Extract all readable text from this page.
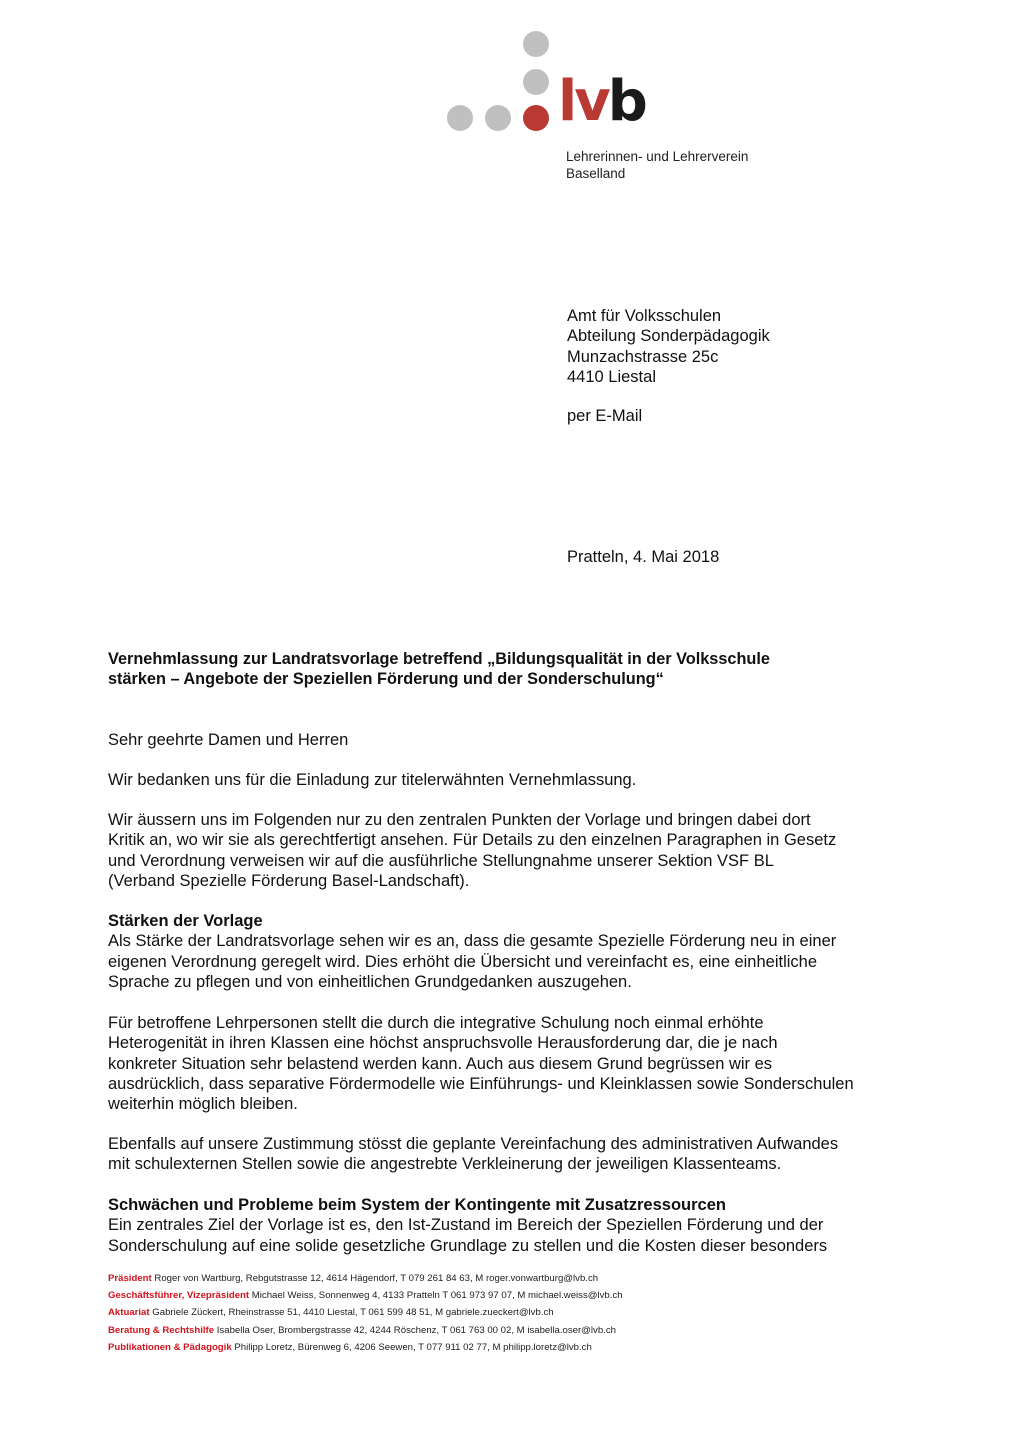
lvb
Lehrerinnen- und Lehrerverein
Baselland
Amt für Volksschulen
Abteilung Sonderpädagogik
Munzachstrasse 25c
4410 Liestal
per E-Mail
Pratteln, 4. Mai 2018
Vernehmlassung zur Landratsvorlage betreffend „Bildungsqualität in der Volksschule
stärken – Angebote der Speziellen Förderung und der Sonderschulung“
Sehr geehrte Damen und Herren
Wir bedanken uns für die Einladung zur titelerwähnten Vernehmlassung.
Wir äussern uns im Folgenden nur zu den zentralen Punkten der Vorlage und bringen dabei dort
Kritik an, wo wir sie als gerechtfertigt ansehen. Für Details zu den einzelnen Paragraphen in Gesetz
und Verordnung verweisen wir auf die ausführliche Stellungnahme unserer Sektion VSF BL
(Verband Spezielle Förderung Basel-Landschaft).
Stärken der Vorlage
Als Stärke der Landratsvorlage sehen wir es an, dass die gesamte Spezielle Förderung neu in einer
eigenen Verordnung geregelt wird. Dies erhöht die Übersicht und vereinfacht es, eine einheitliche
Sprache zu pflegen und von einheitlichen Grundgedanken auszugehen.
Für betroffene Lehrpersonen stellt die durch die integrative Schulung noch einmal erhöhte
Heterogenität in ihren Klassen eine höchst anspruchsvolle Herausforderung dar, die je nach
konkreter Situation sehr belastend werden kann. Auch aus diesem Grund begrüssen wir es
ausdrücklich, dass separative Fördermodelle wie Einführungs- und Kleinklassen sowie Sonderschulen
weiterhin möglich bleiben.
Ebenfalls auf unsere Zustimmung stösst die geplante Vereinfachung des administrativen Aufwandes
mit schulexternen Stellen sowie die angestrebte Verkleinerung der jeweiligen Klassenteams.
Schwächen und Probleme beim System der Kontingente mit Zusatzressourcen
Ein zentrales Ziel der Vorlage ist es, den Ist-Zustand im Bereich der Speziellen Förderung und der
Sonderschulung auf eine solide gesetzliche Grundlage zu stellen und die Kosten dieser besonders
Präsident Roger von Wartburg, Rebgutstrasse 12, 4614 Hägendorf, T 079 261 84 63, M roger.vonwartburg@lvb.ch
Geschäftsführer, Vizepräsident Michael Weiss, Sonnenweg 4, 4133 Pratteln T 061 973 97 07, M michael.weiss@lvb.ch
Aktuariat Gabriele Zückert, Rheinstrasse 51, 4410 Liestal, T 061 599 48 51, M gabriele.zueckert@lvb.ch
Beratung & Rechtshilfe Isabella Oser, Brombergstrasse 42, 4244 Röschenz, T 061 763 00 02, M isabella.oser@lvb.ch
Publikationen & Pädagogik Philipp Loretz, Bürenweg 6, 4206 Seewen, T 077 911 02 77, M philipp.loretz@lvb.ch
